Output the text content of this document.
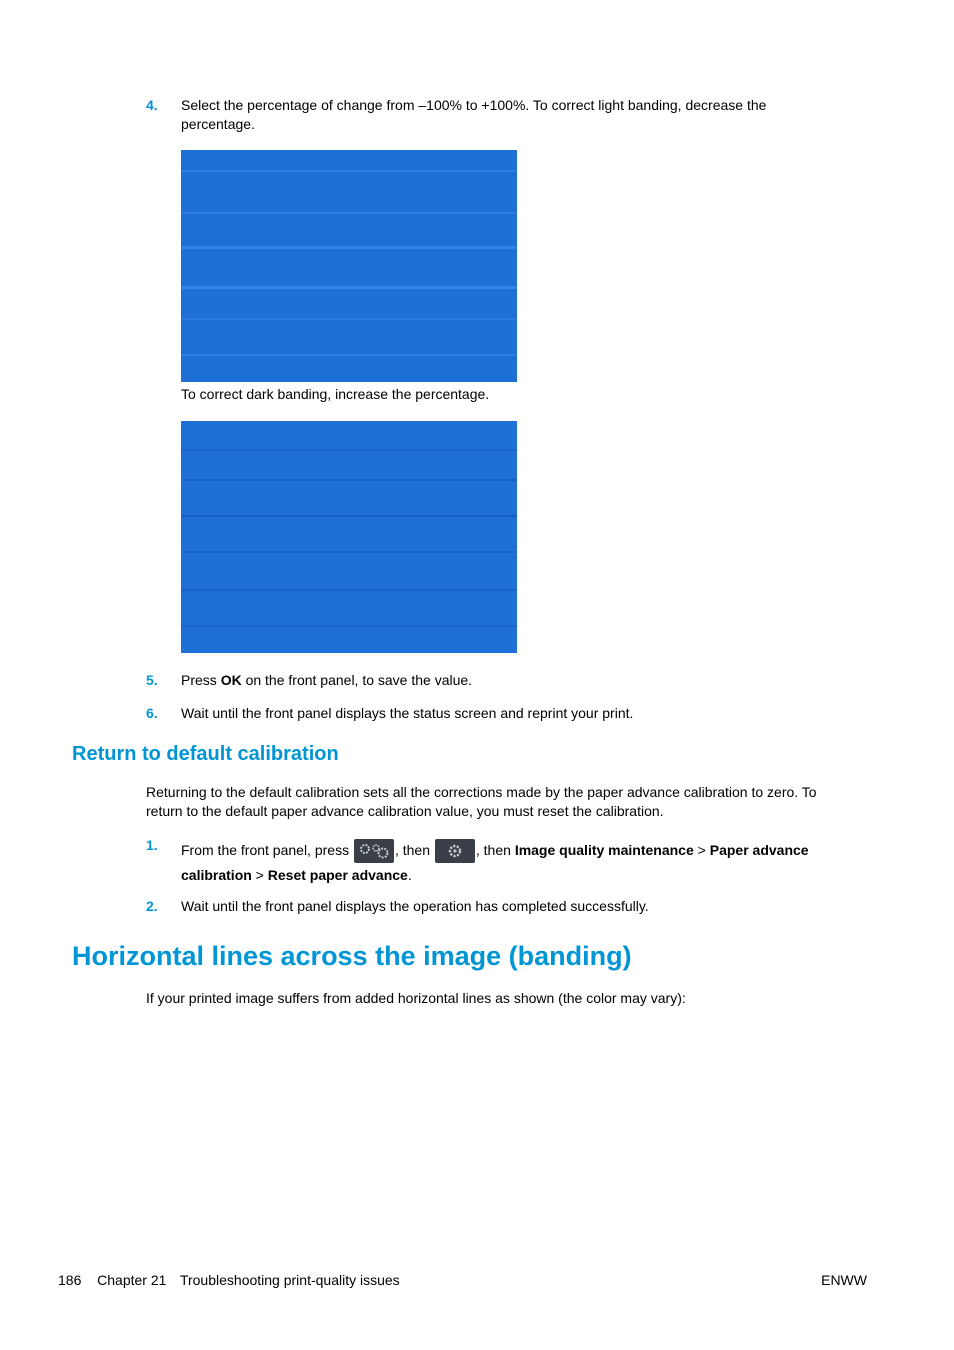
4. Select the percentage of change from –100% to +100%. To correct light banding, decrease the
percentage.
To correct dark banding, increase the percentage.
5. Press OK on the front panel, to save the value.
6. Wait until the front panel displays the status screen and reprint your print.
Return to default calibration
Returning to the default calibration sets all the corrections made by the paper advance calibration to zero. To
return to the default paper advance calibration value, you must reset the calibration.
1. From the front panel, press	, then	, then Image quality maintenance > Paper advance
calibration > Reset paper advance.
2. Wait until the front panel displays the operation has completed successfully.
Horizontal lines across the image (banding)
If your printed image suffers from added horizontal lines as shown (the color may vary):
186 Chapter 21 Troubleshooting print-quality issues	ENWW
